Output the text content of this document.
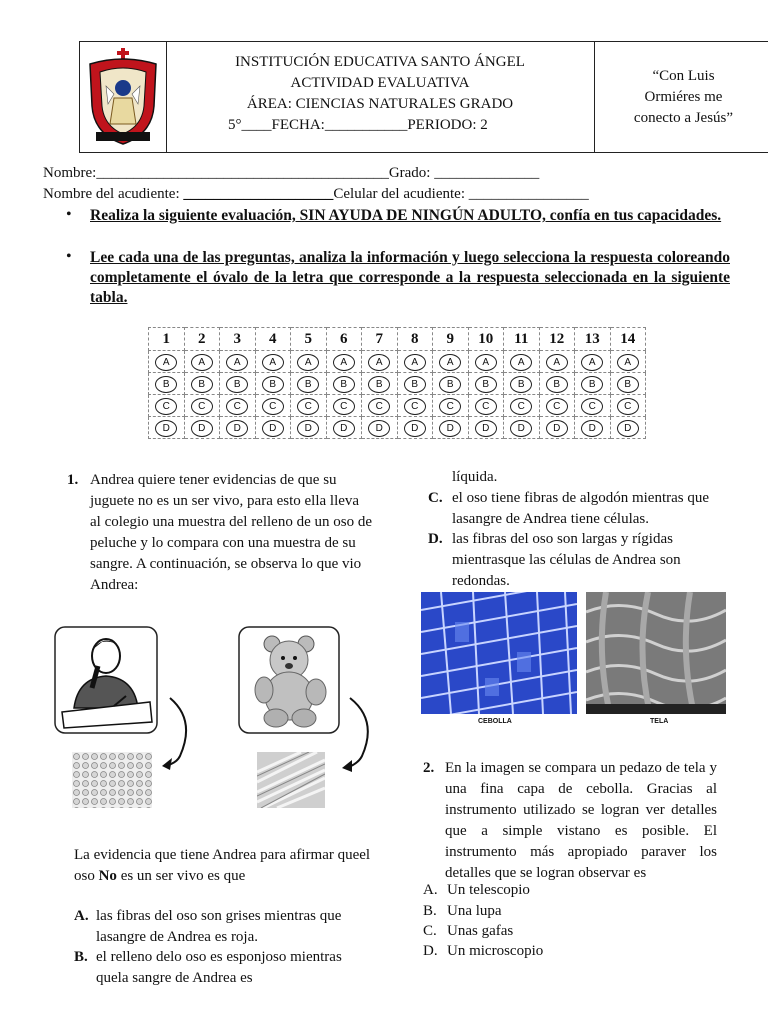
INSTITUCIÓN EDUCATIVA SANTO ÁNGEL
ACTIVIDAD EVALUATIVA
ÁREA: CIENCIAS NATURALES GRADO
5°____FECHA:___________PERIODO: 2
“Con Luis Ormiéres me conecto a Jesús”
Nombre:_______________________________________Grado: ______________
Nombre del acudiente: ____________________Celular del acudiente: ________________
• Realiza la siguiente evaluación, SIN AYUDA DE NINGÚN ADULTO, confía en tus capacidades.
• Lee cada una de las preguntas, analiza la información y luego selecciona la respuesta coloreando completamente el óvalo de la letra que corresponde a la respuesta seleccionada en la siguiente tabla.
1	2	3	4	5	6	7	8	9	10	11	12	13	14
A	A	A	A	A	A	A	A	A	A	A	A	A	A
B	B	B	B	B	B	B	B	B	B	B	B	B	B
C	C	C	C	C	C	C	C	C	C	C	C	C	C
D	D	D	D	D	D	D	D	D	D	D	D	D	D
1. Andrea quiere tener evidencias de que su juguete no es un ser vivo, para esto ella lleva al colegio una muestra del relleno de un oso de peluche y lo compara con una muestra de su sangre. A continuación, se observa lo que vio Andrea:
La evidencia que tiene Andrea para afirmar queel oso No es un ser vivo es que
A. las fibras del oso son grises mientras que lasangre de Andrea es roja.
B. el relleno delo oso es esponjoso mientras quela sangre de Andrea es
líquida.
C. el oso tiene fibras de algodón mientras que lasangre de Andrea tiene células.
D. las fibras del oso son largas y rígidas mientrasque las células de Andrea son redondas.
CEBOLLA	TELA
2. En la imagen se compara un pedazo de tela y una fina capa de cebolla. Gracias al instrumento utilizado se logran ver detalles que a simple vistano es posible. El instrumento más apropiado paraver los detalles que se logran observar es
A. Un telescopio
B. Una lupa
C. Unas gafas
D. Un microscopio
